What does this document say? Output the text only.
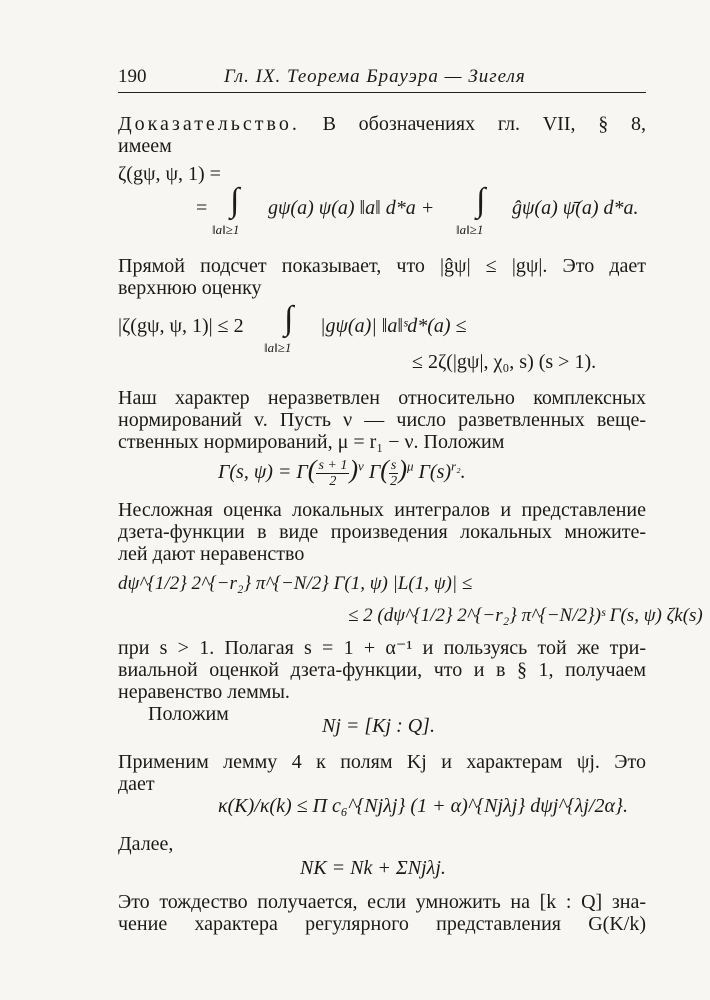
190	Гл. IX. Теорема Брауэра — Зигеля
Доказательство. В обозначениях гл. VII, § 8,
имеем
ζ(gψ, ψ, 1) =
= ∫
‖a‖≥1
gψ(a) ψ(a) ‖a‖ d*a + ∫
‖a‖≥1
ĝψ(a) ψ̄(a) d*a.
Прямой подсчет показывает, что |ĝψ| ≤ |gψ|. Это дает
верхнюю оценку
|ζ(gψ, ψ, 1)| ≤ 2 ∫
‖a‖≥1
|gψ(a)| ‖a‖ˢd*(a) ≤
≤ 2ζ(|gψ|, χ₀, s) (s > 1).
Наш характер неразветвлен относительно комплексных
нормирований v. Пусть ν — число разветвленных веще-
ственных нормирований, μ = r₁ − ν. Положим
Γ(s, $\psi) = \Gamma( \frac{s + 1}{2} )^\nu$ $\Gamma( \frac{s}{2} )^\mu$ $\Gamma(s)^{r_2}$.
Несложная оценка локальных интегралов и представление
дзета-функции в виде произведения локальных множите-
лей дают неравенство
dψ^{1/2} 2^{−r₂} π^{−N/2} Γ(1, ψ) |L(1, ψ)| ≤
≤ 2 (dψ^{1/2} 2^{−r₂} π^{−N/2})ˢ Γ(s, ψ) ζk(s)
при s > 1. Полагая s = 1 + α⁻¹ и пользуясь той же три-
виальной оценкой дзета-функции, что и в § 1, получаем
неравенство леммы.
Положим
Nj = [Kj : Q].
Применим лемму 4 к полям Kj и характерам ψj. Это
дает
κ(K)/κ(k) ≤ Π c₆^{Njλj} (1 + α)^{Njλj} dψj^{λj/2α}.
Далее,
NK = Nk + ΣNjλj.
Это тождество получается, если умножить на [k : Q] зна-
чение характера регулярного представления G(K/k)
